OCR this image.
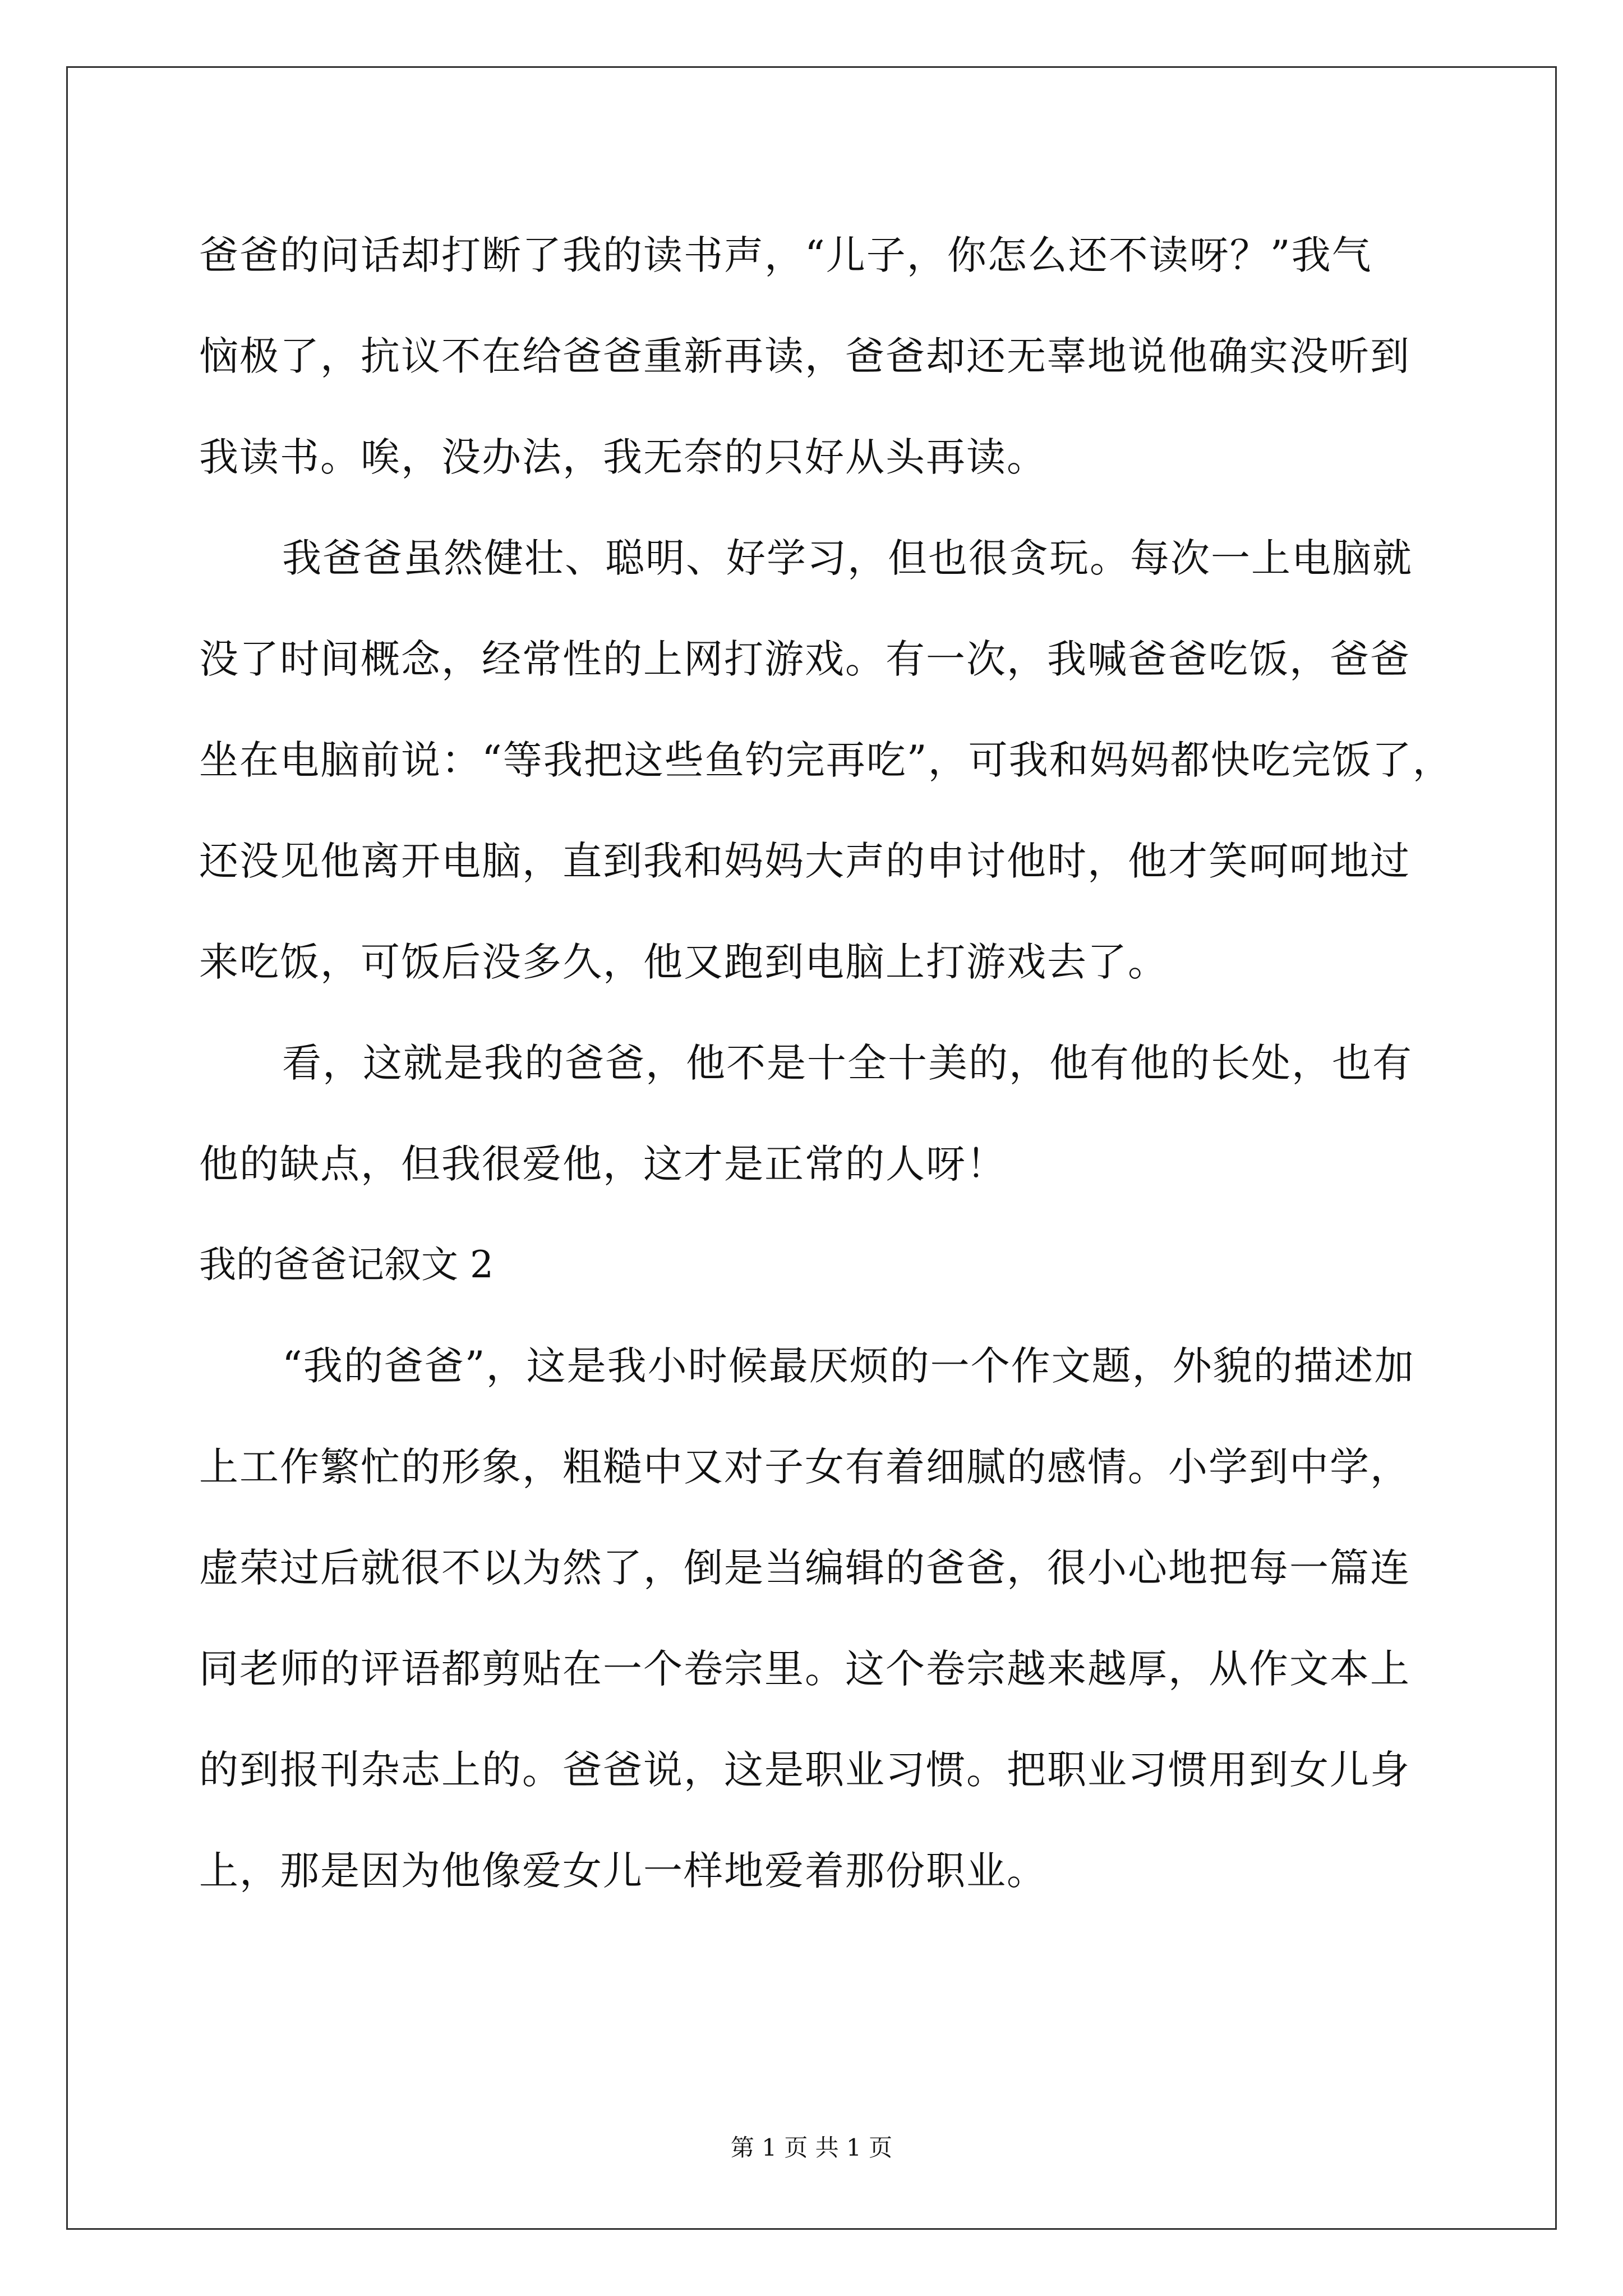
爸爸的问话却打断了我的读书声，“儿子，你怎么还不读呀？”我气
恼极了，抗议不在给爸爸重新再读，爸爸却还无辜地说他确实没听到
我读书。唉，没办法，我无奈的只好从头再读。
我爸爸虽然健壮、聪明、好学习，但也很贪玩。每次一上电脑就
没了时间概念，经常性的上网打游戏。有一次，我喊爸爸吃饭，爸爸
坐在电脑前说：“等我把这些鱼钓完再吃”，可我和妈妈都快吃完饭了，
还没见他离开电脑，直到我和妈妈大声的申讨他时，他才笑呵呵地过
来吃饭，可饭后没多久，他又跑到电脑上打游戏去了。
看，这就是我的爸爸，他不是十全十美的，他有他的长处，也有
他的缺点，但我很爱他，这才是正常的人呀！
我的爸爸记叙文 2
“我的爸爸”，这是我小时候最厌烦的一个作文题，外貌的描述加
上工作繁忙的形象，粗糙中又对子女有着细腻的感情。小学到中学，
虚荣过后就很不以为然了，倒是当编辑的爸爸，很小心地把每一篇连
同老师的评语都剪贴在一个卷宗里。这个卷宗越来越厚，从作文本上
的到报刊杂志上的。爸爸说，这是职业习惯。把职业习惯用到女儿身
上，那是因为他像爱女儿一样地爱着那份职业。
第 1 页 共 1 页
